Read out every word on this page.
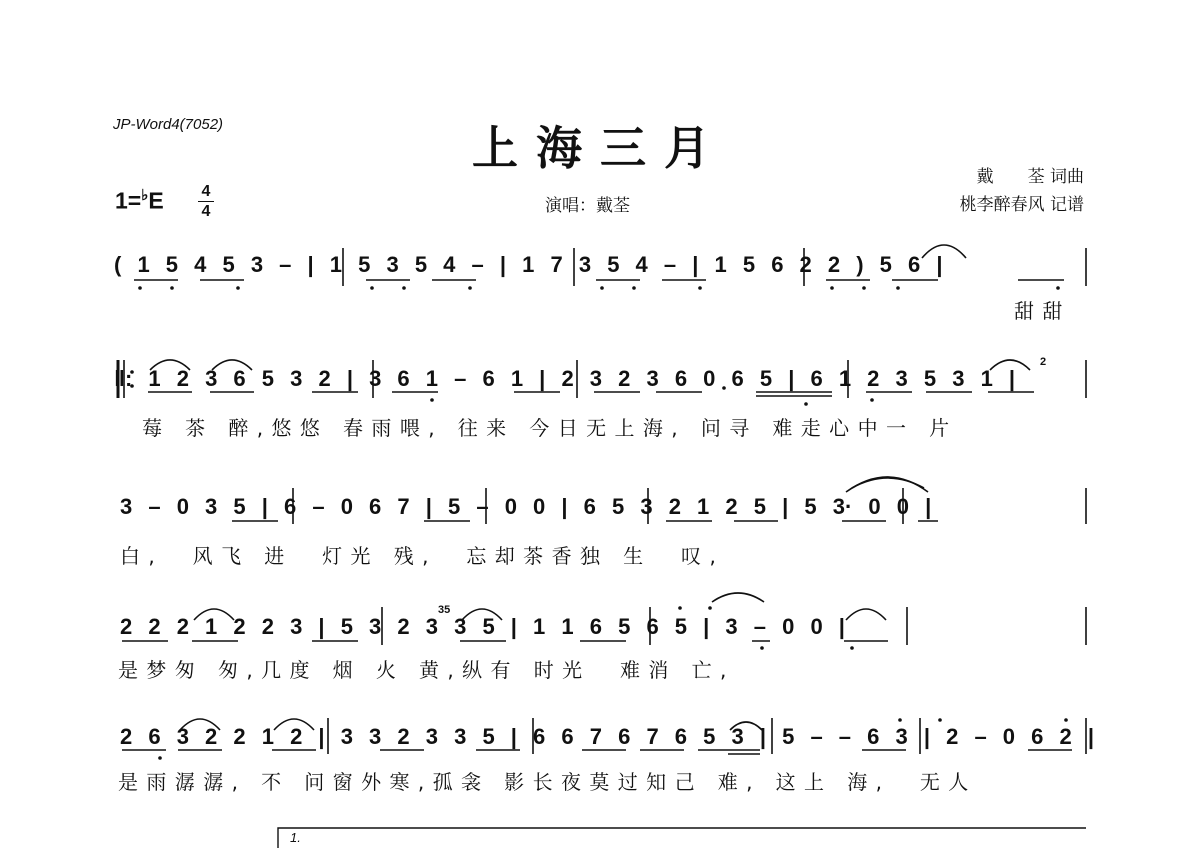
JP-Word4(7052)	上海三月
1=♭E 4
4	演唱：戴荃
戴　　荃 词曲
桃李醉春风 记谱
( 1 5 4 5 3 – | 1 5 3 5 4 – | 1 7 3 5 4 – | 1 5 6 2 2 ) 5 6 |
甜甜
2
‖: 1 2 3 6 5 3 2 | 3 6 1 – 6 1 | 2 3 2 3 6 0 6 5 | 6 1 2 3 5 3 1 |
莓 茶 醉,悠悠 春雨喂, 往来 今日无上海, 问寻 难走心中一 片
3 – 0 3 5 | 6 – 0 6 7 | 5 – 0 0 | 6 5 3 2 1 2 5 | 5 3· 0 0 |
白,  风飞 进  灯光 残,  忘却茶香独 生  叹,
35
2 2 2 1 2 2 3 | 5 3 2 3 3 5 | 1 1 6 5 6 5 | 3 – 0 0 |
是梦匆 匆,几度 烟 火 黄,纵有 时光  难消 亡,
2 6 3 2 2 1 2 | 3 3 2 3 3 5 | 6 6 7 6 7 6 5 3 | 5 – – 6 3 | 2 – 0 6 2 |
是雨潺潺, 不 问窗外寒,孤衾 影长夜莫过知己 难, 这上 海,  无人
1.
